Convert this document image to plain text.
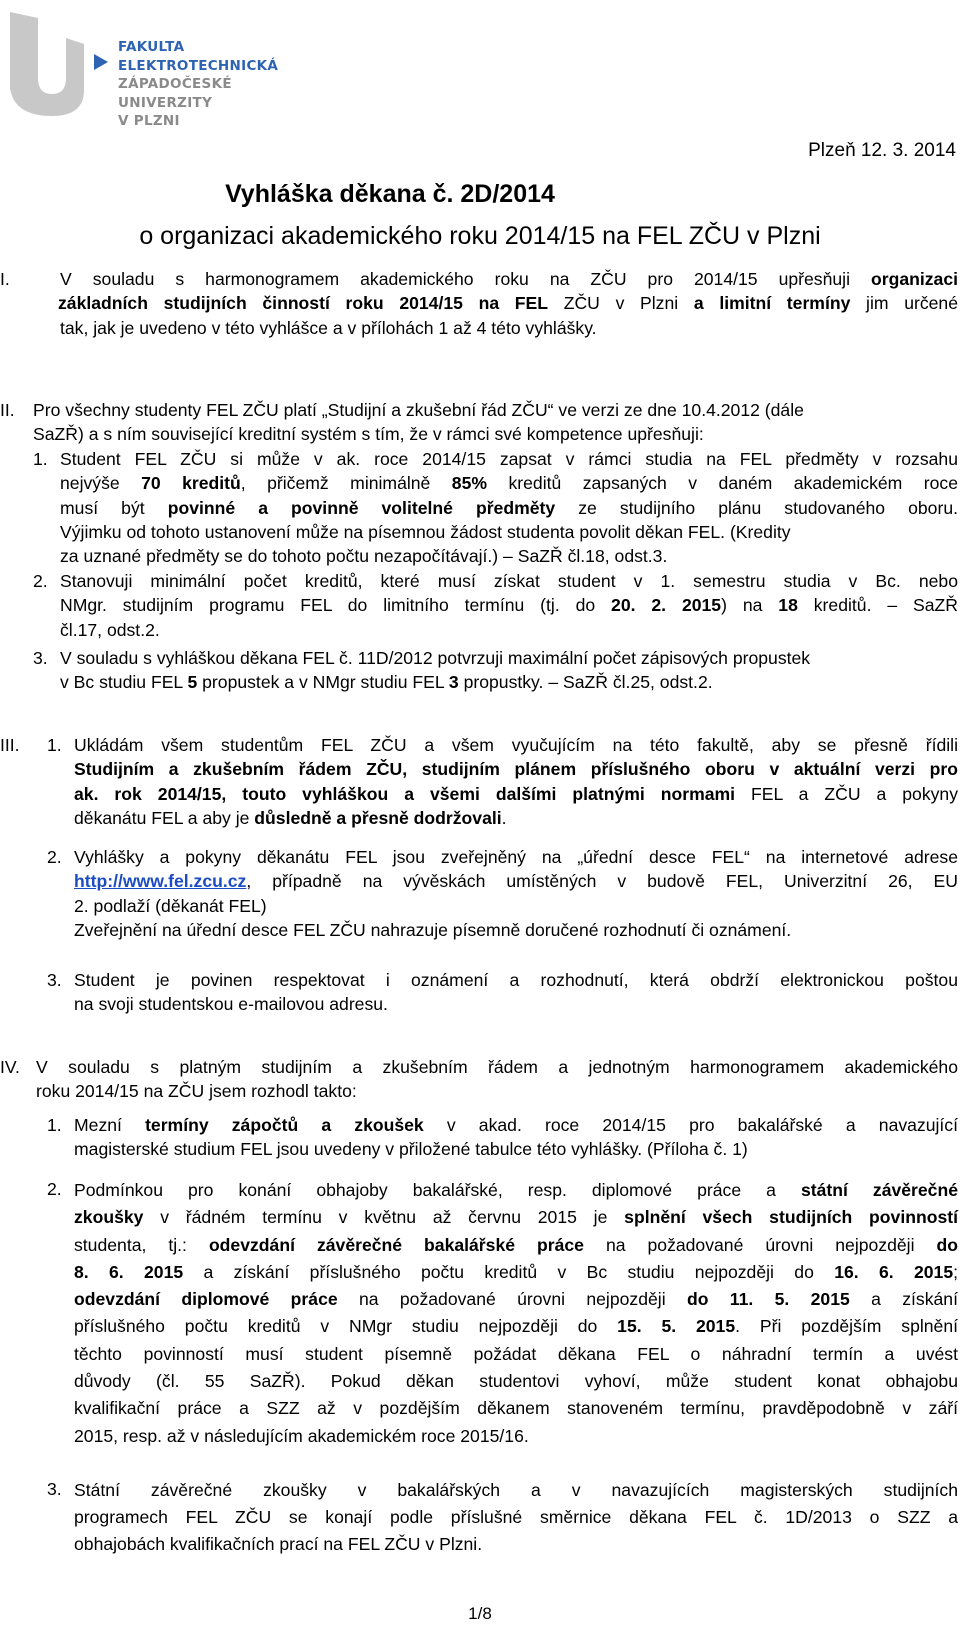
FAKULTA
ELEKTROTECHNICKÁ
ZÁPADOČESKÉ
UNIVERZITY
V PLZNI
Plzeň 12. 3. 2014
Vyhláška děkana č. 2D/2014
o organizaci akademického roku 2014/15 na FEL ZČU v Plzni
I.	V souladu s harmonogramem akademického roku na ZČU pro 2014/15 upřesňuji organizaci
základních studijních činností roku 2014/15 na FEL ZČU v Plzni a limitní termíny jim určené
tak, jak je uvedeno v této vyhlášce a v přílohách 1 až 4 této vyhlášky.
II. Pro všechny studenty FEL ZČU platí „Studijní a zkušební řád ZČU“ ve verzi ze dne 10.4.2012 (dále
SaZŘ) a s ním související kreditní systém s tím, že v rámci své kompetence upřesňuji:
1. Student FEL ZČU si může v ak. roce 2014/15 zapsat v rámci studia na FEL předměty v rozsahu
nejvýše 70 kreditů, přičemž minimálně 85% kreditů zapsaných v daném akademickém roce
musí být povinné a povinně volitelné předměty ze studijního plánu studovaného oboru.
Výjimku od tohoto ustanovení může na písemnou žádost studenta povolit děkan FEL. (Kredity
za uznané předměty se do tohoto počtu nezapočítávají.) – SaZŘ čl.18, odst.3.
2. Stanovuji minimální počet kreditů, které musí získat student v 1. semestru studia v Bc. nebo
NMgr. studijním programu FEL do limitního termínu (tj. do 20. 2. 2015) na 18 kreditů. – SaZŘ
čl.17, odst.2.
3. V souladu s vyhláškou děkana FEL č. 11D/2012 potvrzuji maximální počet zápisových propustek
v Bc studiu FEL 5 propustek a v NMgr studiu FEL 3 propustky. – SaZŘ čl.25, odst.2.
III. 1. Ukládám všem studentům FEL ZČU a všem vyučujícím na této fakultě, aby se přesně řídili
Studijním a zkušebním řádem ZČU, studijním plánem příslušného oboru v aktuální verzi pro
ak. rok 2014/15, touto vyhláškou a všemi dalšími platnými normami FEL a ZČU a pokyny
děkanátu FEL a aby je důsledně a přesně dodržovali.
2. Vyhlášky a pokyny děkanátu FEL jsou zveřejněný na „úřední desce FEL“ na internetové adrese
http://www.fel.zcu.cz, případně na vývěskách umístěných v budově FEL, Univerzitní 26, EU
2. podlaží (děkanát FEL)
Zveřejnění na úřední desce FEL ZČU nahrazuje písemně doručené rozhodnutí či oznámení.
3. Student je povinen respektovat i oznámení a rozhodnutí, která obdrží elektronickou poštou
na svoji studentskou e-mailovou adresu.
IV. V souladu s platným studijním a zkušebním řádem a jednotným harmonogramem akademického
roku 2014/15 na ZČU jsem rozhodl takto:
1. Mezní termíny zápočtů a zkoušek v akad. roce 2014/15 pro bakalářské a navazující
magisterské studium FEL jsou uvedeny v přiložené tabulce této vyhlášky. (Příloha č. 1)
2. Podmínkou pro konání obhajoby bakalářské, resp. diplomové práce a státní závěrečné
zkoušky v řádném termínu v květnu až červnu 2015 je splnění všech studijních povinností
studenta, tj.: odevzdání závěrečné bakalářské práce na požadované úrovni nejpozději do
8. 6. 2015 a získání příslušného počtu kreditů v Bc studiu nejpozději do 16. 6. 2015;
odevzdání diplomové práce na požadované úrovni nejpozději do 11. 5. 2015 a získání
příslušného počtu kreditů v NMgr studiu nejpozději do 15. 5. 2015. Při pozdějším splnění
těchto povinností musí student písemně požádat děkana FEL o náhradní termín a uvést
důvody (čl. 55 SaZŘ). Pokud děkan studentovi vyhoví, může student konat obhajobu
kvalifikační práce a SZZ až v pozdějším děkanem stanoveném termínu, pravděpodobně v září
2015, resp. až v následujícím akademickém roce 2015/16.
3. Státní závěrečné zkoušky v bakalářských a v navazujících magisterských studijních
programech FEL ZČU se konají podle příslušné směrnice děkana FEL č. 1D/2013 o SZZ a
obhajobách kvalifikačních prací na FEL ZČU v Plzni.
1/8
